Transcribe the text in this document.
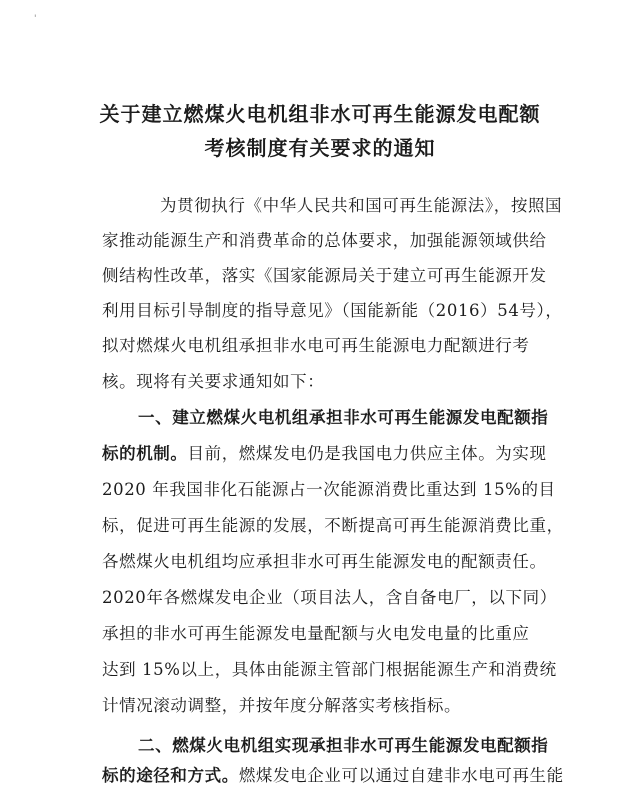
'
关于建立燃煤火电机组非水可再生能源发电配额
考核制度有关要求的通知
为贯彻执行《中华人民共和国可再生能源法》，按照国
家推动能源生产和消费革命的总体要求，加强能源领域供给
侧结构性改革，落实《国家能源局关于建立可再生能源开发
利用目标引导制度的指导意见》（国能新能（2016）54号），
拟对燃煤火电机组承担非水电可再生能源电力配额进行考
核。现将有关要求通知如下：
一、建立燃煤火电机组承担非水可再生能源发电配额指
标的机制。目前，燃煤发电仍是我国电力供应主体。为实现
2020 年我国非化石能源占一次能源消费比重达到 15%的目
标，促进可再生能源的发展，不断提高可再生能源消费比重，
各燃煤火电机组均应承担非水可再生能源发电的配额责任。
2020年各燃煤发电企业（项目法人，含自备电厂，以下同）
承担的非水可再生能源发电量配额与火电发电量的比重应
达到 15%以上，具体由能源主管部门根据能源生产和消费统
计情况滚动调整，并按年度分解落实考核指标。
二、燃煤火电机组实现承担非水可再生能源发电配额指
标的途径和方式。燃煤发电企业可以通过自建非水电可再生能
